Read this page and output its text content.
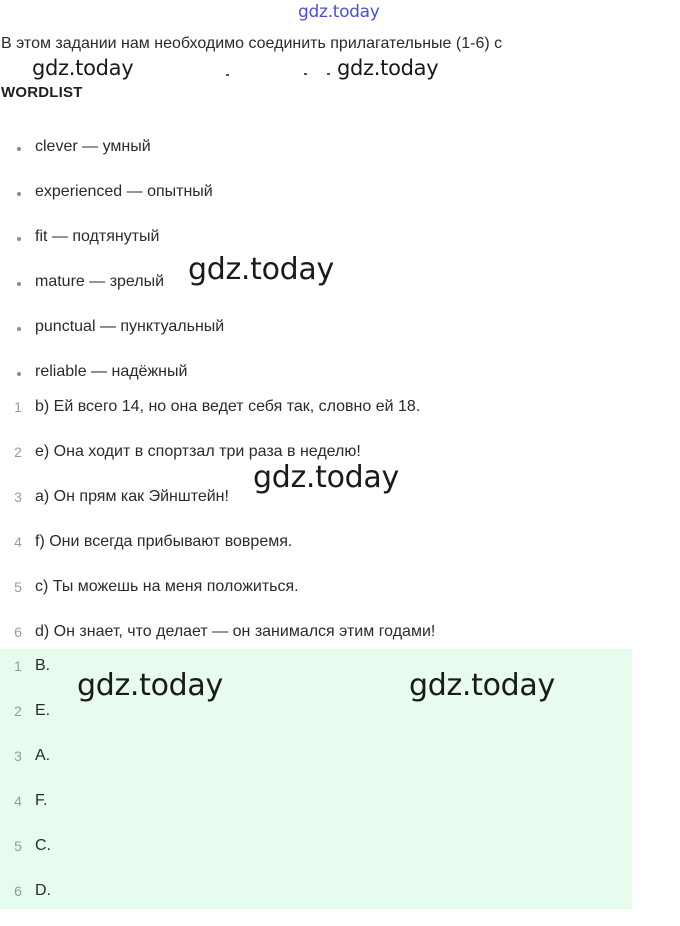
gdz.today
В этом задании нам необходимо соединить прилагательные (1-6) с
gdz.today	gdz.today
WORDLIST
clever — умный
experienced — опытный
fit — подтянутый
mature — зрелый
punctual — пунктуальный
reliable — надёжный
gdz.today
1 b) Ей всего 14, но она ведет себя так, словно ей 18.
2 e) Она ходит в спортзал три раза в неделю!
3 a) Он прям как Эйнштейн!
4 f) Они всегда прибывают вовремя.
5 c) Ты можешь на меня положиться.
6 d) Он знает, что делает — он занимался этим годами!
gdz.today
1 B.
2 E.
3 A.
4 F.
5 C.
6 D.
gdz.today	gdz.today
